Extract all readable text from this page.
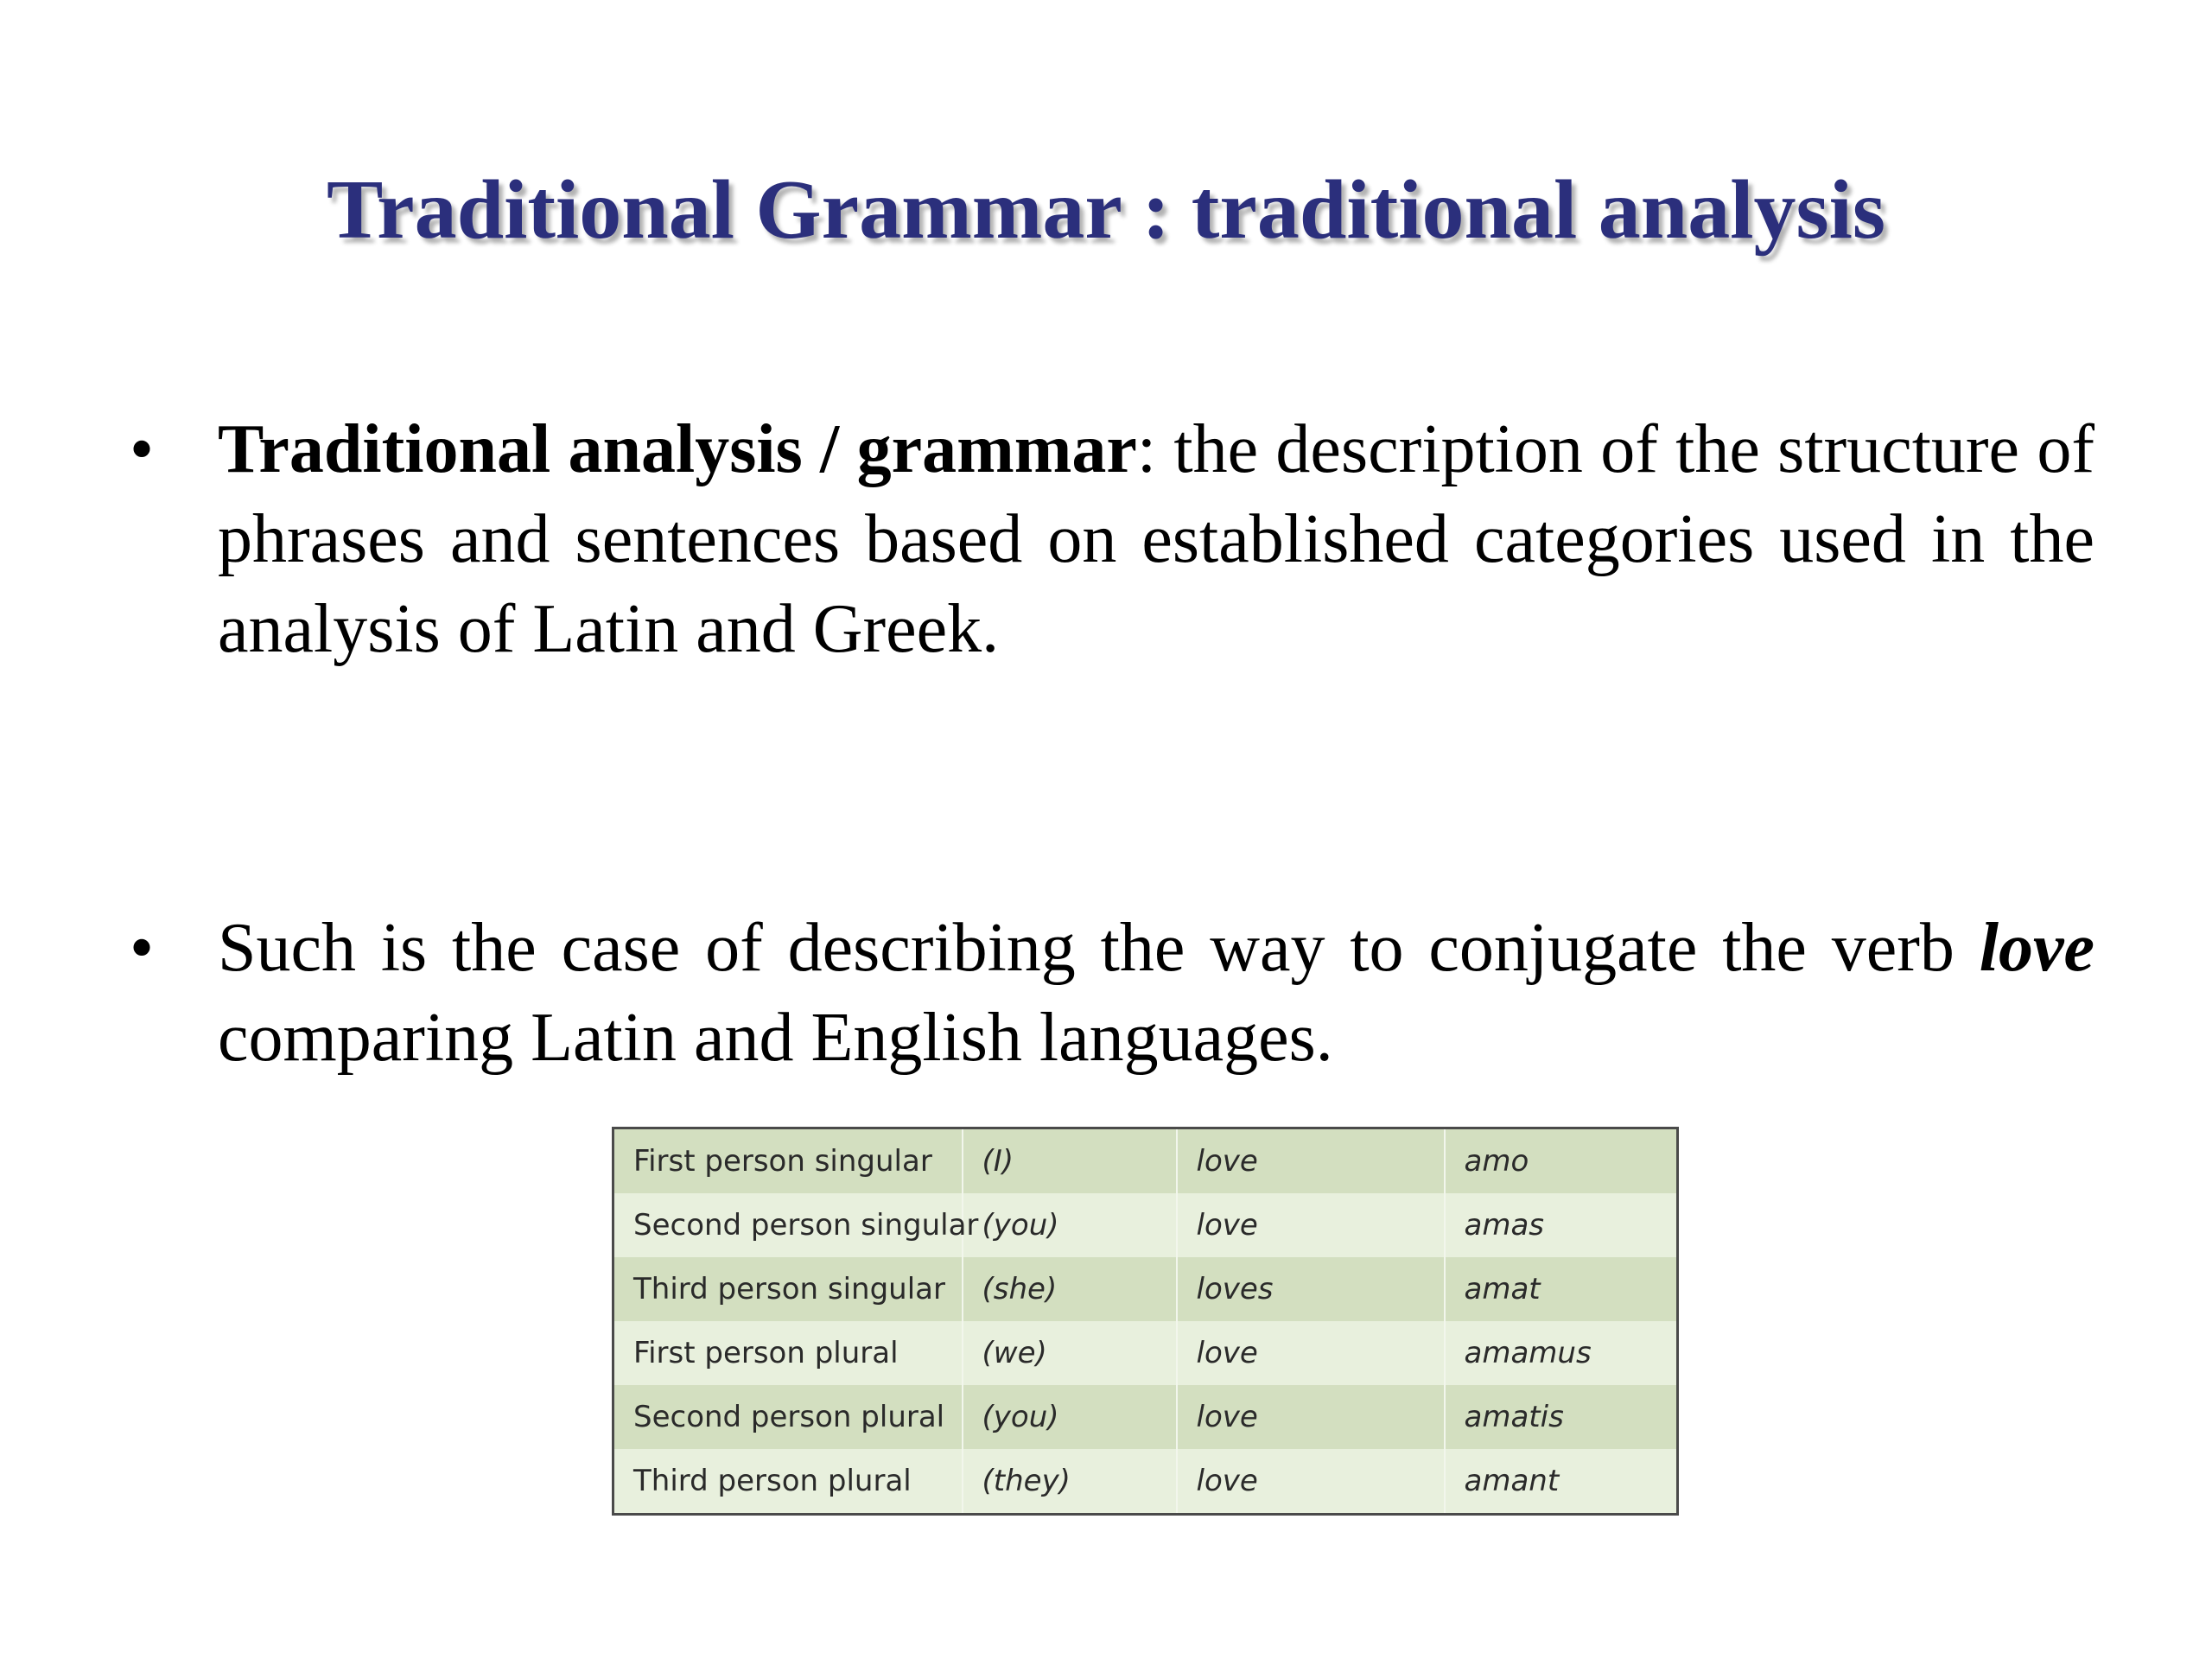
Traditional Grammar : traditional analysis
• Traditional analysis / grammar: the description of the structure of phrases and sentences based on established categories used in the analysis of Latin and Greek.

• Such is the case of describing the way to conjugate the verb love comparing Latin and English languages.

First person singular	(I)	love	amo
Second person singular	(you)	love	amas
Third person singular	(she)	loves	amat
First person plural	(we)	love	amamus
Second person plural	(you)	love	amatis
Third person plural	(they)	love	amant
